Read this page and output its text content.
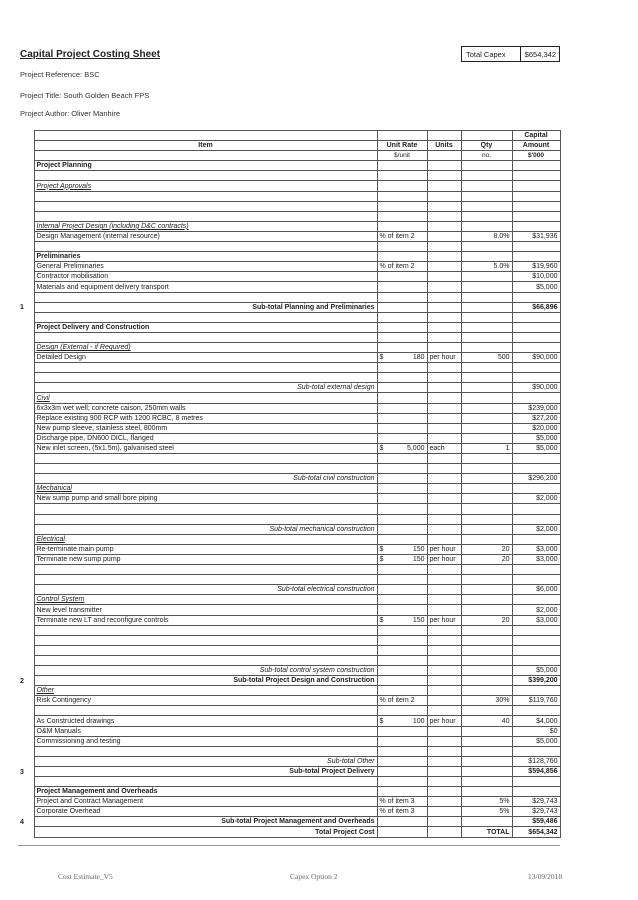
Capital Project Costing Sheet
Project Reference: BSC
Project Title: South Golden Beach FPS
Project Author: Oliver Manhire
Total Capex	$654,342
					Capital
	Item	Unit Rate	Units	Qty	Amount
		$/unit		no.	$'000
	Project Planning				

	Project Approvals				

	Internal Project Design (including D&C contracts)				
	Design Management (internal resource)	% of item 2		8.0%	$31,936

	Preliminaries				
	General Preliminaries	% of item 2		5.0%	$19,960
	Contractor mobilisation				$10,000
	Materials and equipment delivery transport				$5,000

1	Sub-total Planning and Preliminaries				$66,896

	Project Delivery and Construction				

	Design (External - if Required)				
	Detailed Design	$ 180	per hour	500	$90,000

	Sub-total external design				$90,000
	Civil				
	6x3x3m wet well; concrete caison, 250mm walls				$239,000
	Replace existing 900 RCP with 1200 RCBC, 8 metres				$27,200
	New pump sleeve, stainless steel, 800mm				$20,000
	Discharge pipe, DN600 DICL, flanged				$5,000
	New inlet screen, (5x1.5m), galvanised steel	$ 5,000	each	1	$5,000

	Sub-total civil construction				$296,200
	Mechanical				
	New sump pump and small bore piping				$2,000

	Sub-total mechanical construction				$2,000
	Electrical				
	Re-terminate main pump	$ 150	per hour	20	$3,000
	Terminate new sump pump	$ 150	per hour	20	$3,000

	Sub-total electrical construction				$6,000
	Control System				
	New level transmitter				$2,000
	Terminate new LT and reconfigure controls	$ 150	per hour	20	$3,000

	Sub-total control system construction				$5,000
2	Sub-total Project Design and Construction				$399,200
	Other				
	Risk Contingency	% of item 2		30%	$119,760

	As Constructed drawings	$ 100	per hour	40	$4,000
	O&M Manuals				$0
	Commissioning and testing				$5,000

	Sub-total Other				$128,760
3	Sub-total Project Delivery				$594,856

	Project Management and Overheads				
	Project and Contract Management	% of item 3		5%	$29,743
	Corporate Overhead	% of item 3		5%	$29,743
4	Sub-total Project Management and Overheads				$59,486
	Total Project Cost			TOTAL	$654,342
Cost Estimate_V5	Capex Option 2	13/09/2018
